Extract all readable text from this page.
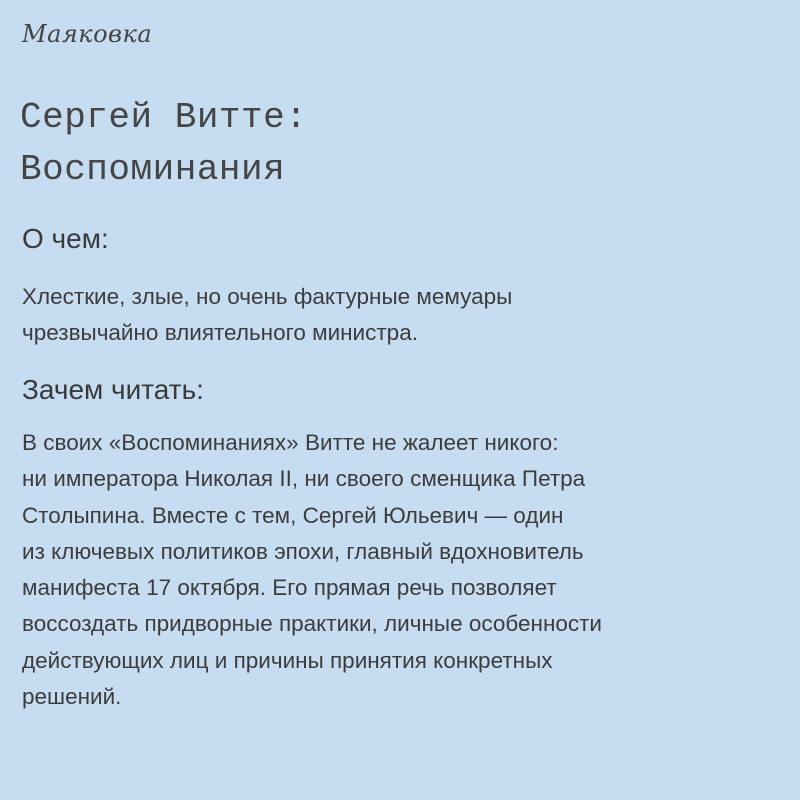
Маяковка
Сергей Витте:
Воспоминания
О чем:

Хлесткие, злые, но очень фактурные мемуары
чрезвычайно влиятельного министра.

Зачем читать:

В своих «Воспоминаниях» Витте не жалеет никого:
ни императора Николая II, ни своего сменщика Петра
Столыпина. Вместе с тем, Сергей Юльевич — один
из ключевых политиков эпохи, главный вдохновитель
манифеста 17 октября. Его прямая речь позволяет
воссоздать придворные практики, личные особенности
действующих лиц и причины принятия конкретных
решений.
